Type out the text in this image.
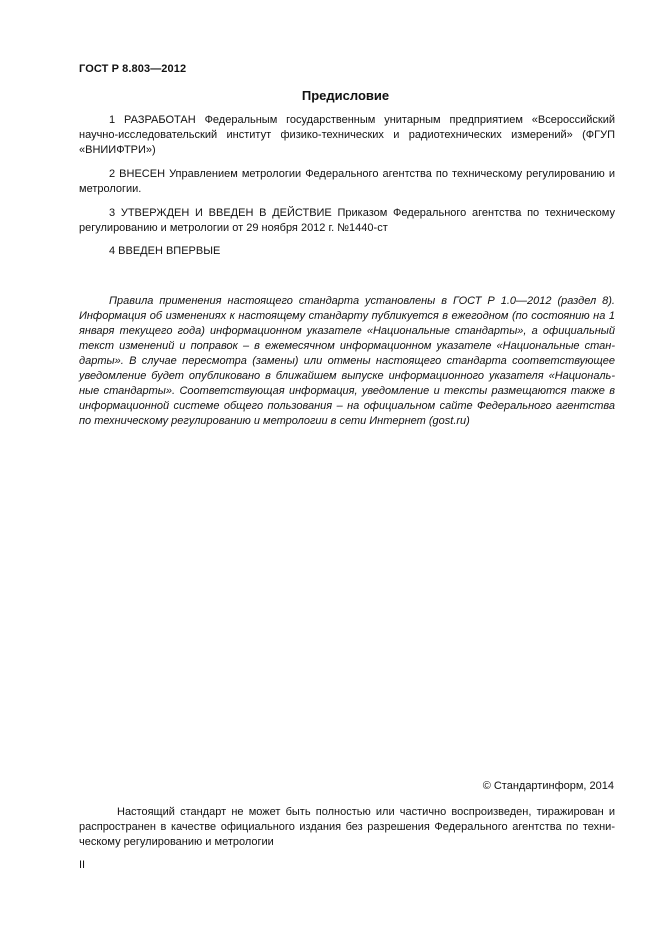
ГОСТ Р 8.803—2012
Предисловие

1 РАЗРАБОТАН Федеральным государственным унитарным предприятием «Всероссийский научно-исследовательский институт физико-технических и радиотехнических измерений» (ФГУП «ВНИИФТРИ»)

2 ВНЕСЕН Управлением метрологии Федерального агентства по техническому регулированию и метрологии.

3 УТВЕРЖДЕН И ВВЕДЕН В ДЕЙСТВИЕ Приказом Федерального агентства по техническому регулированию и метрологии от 29 ноября 2012 г. №1440-ст

4 ВВЕДЕН ВПЕРВЫЕ

Правила применения настоящего стандарта установлены в ГОСТ Р 1.0—2012 (раздел 8). Информация об изменениях к настоящему стандарту публикуется в ежегодном (по состоянию на 1 января текущего года) информационном указателе «Национальные стандарты», а официальный текст изменений и поправок – в ежемесячном информационном указателе «Национальные стандарты». В случае пересмотра (замены) или отмены настоящего стандарта соответствующее уведомление будет опубликовано в ближайшем выпуске информационного указателя «Национальные стандарты». Соответствующая информация, уведомление и тексты размещаются также в информационной системе общего пользования – на официальном сайте Федерального агентства по техническому регулированию и метрологии в сети Интернет (gost.ru)

© Стандартинформ, 2014

Настоящий стандарт не может быть полностью или частично воспроизведен, тиражирован и распространен в качестве официального издания без разрешения Федерального агентства по техническому регулированию и метрологии

II
